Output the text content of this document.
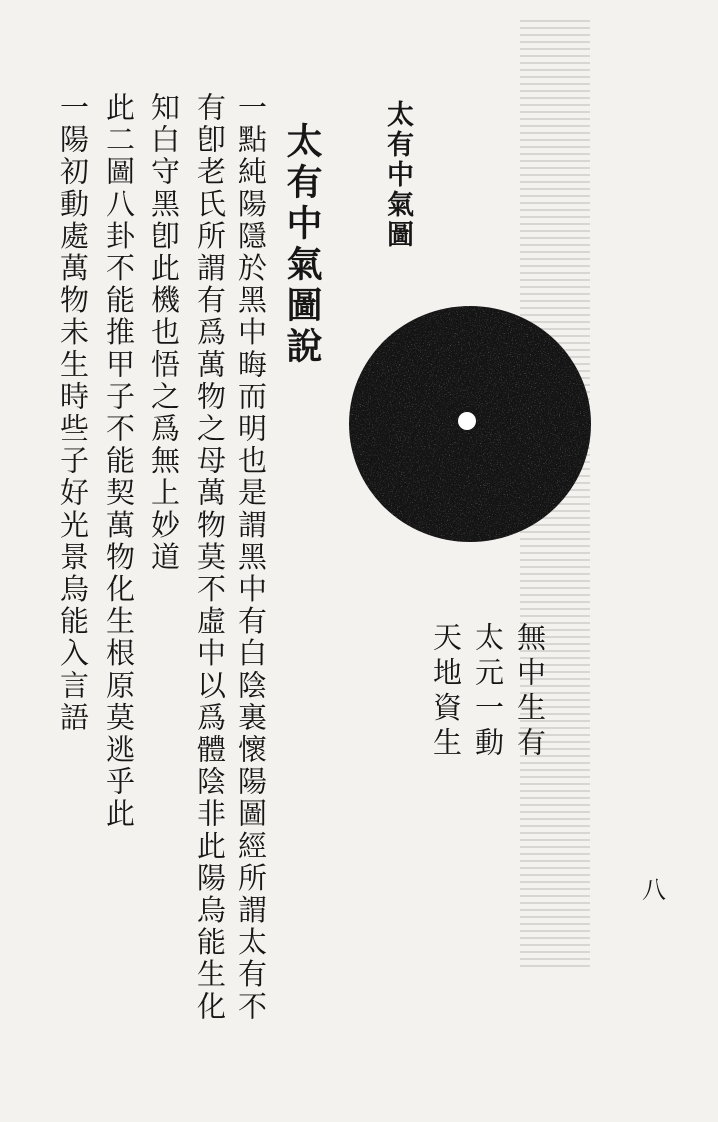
太有中氣圖
無中生有
太元一動
天地資生
太有中氣圖說
一點純陽隱於黑中晦而明也是謂黑中有白陰裏懷陽圖經所謂太有不
有卽老氏所謂有爲萬物之母萬物莫不虛中以爲體陰非此陽烏能生化
知白守黑卽此機也悟之爲無上妙道
此二圖八卦不能推甲子不能契萬物化生根原莫逃乎此
一陽初動處萬物未生時些子好光景烏能入言語
八
